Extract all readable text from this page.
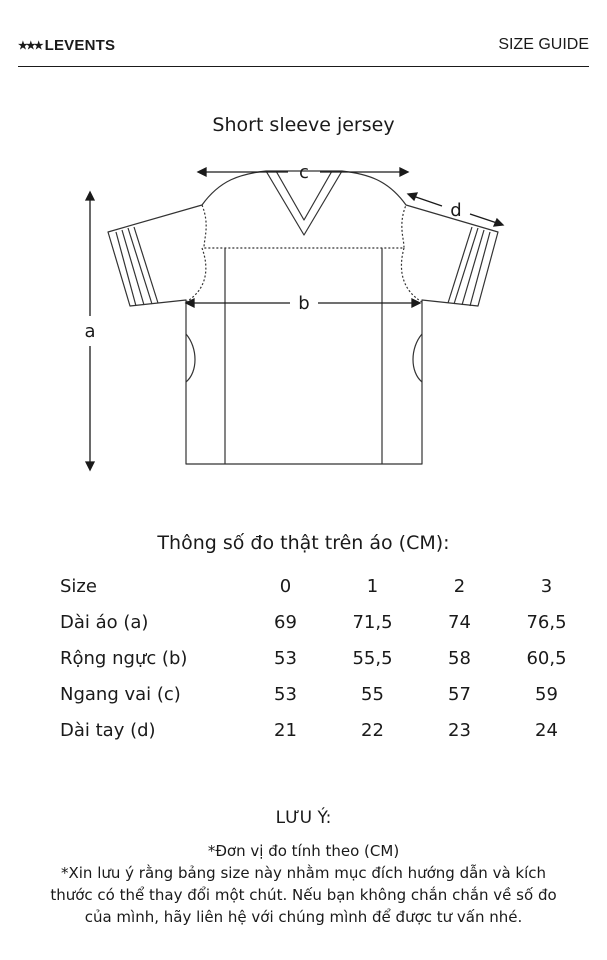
★★★ LEVENTS	SIZE GUIDE
Short sleeve jersey
c
d
b
a
Thông số đo thật trên áo (CM):
Size	0	1	2	3
Dài áo (a)	69	71,5	74	76,5
Rộng ngực (b)	53	55,5	58	60,5
Ngang vai (c)	53	55	57	59
Dài tay (d)	21	22	23	24
LƯU Ý:
*Đơn vị đo tính theo (CM)
*Xin lưu ý rằng bảng size này nhằm mục đích hướng dẫn và kích
thước có thể thay đổi một chút. Nếu bạn không chắn chắn về số đo
của mình, hãy liên hệ với chúng mình để được tư vấn nhé.
